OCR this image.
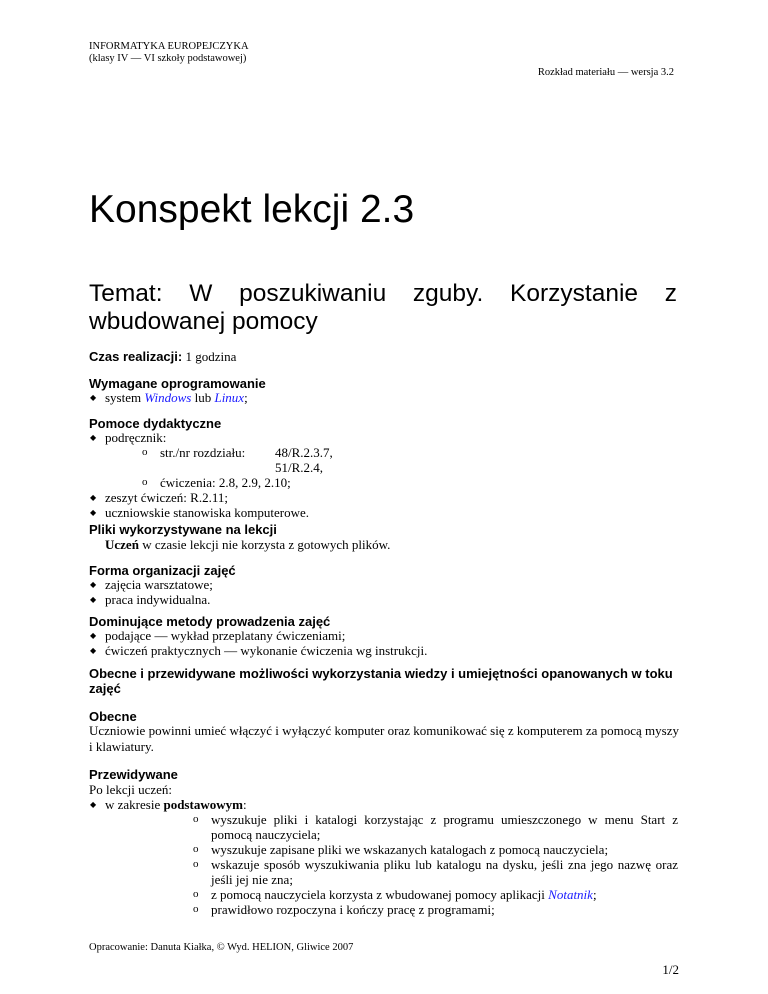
INFORMATYKA EUROPEJCZYKA
(klasy IV — VI szkoły podstawowej)
Rozkład materiału — wersja 3.2
Konspekt lekcji 2.3
Temat: W poszukiwaniu zguby. Korzystanie z wbudowanej pomocy
Czas realizacji: 1 godzina
Wymagane oprogramowanie
◆ system Windows lub Linux;
Pomoce dydaktyczne
◆ podręcznik:
o str./nr rozdziału: 48/R.2.3.7,
51/R.2.4,
o ćwiczenia: 2.8, 2.9, 2.10;
◆ zeszyt ćwiczeń: R.2.11;
◆ uczniowskie stanowiska komputerowe.
Pliki wykorzystywane na lekcji
Uczeń w czasie lekcji nie korzysta z gotowych plików.
Forma organizacji zajęć
◆ zajęcia warsztatowe;
◆ praca indywidualna.
Dominujące metody prowadzenia zajęć
◆ podające — wykład przeplatany ćwiczeniami;
◆ ćwiczeń praktycznych — wykonanie ćwiczenia wg instrukcji.
Obecne i przewidywane możliwości wykorzystania wiedzy i umiejętności opanowanych w toku zajęć
Obecne
Uczniowie powinni umieć włączyć i wyłączyć komputer oraz komunikować się z komputerem za pomocą myszy i klawiatury.
Przewidywane
Po lekcji uczeń:
◆ w zakresie podstawowym:
o wyszukuje pliki i katalogi korzystając z programu umieszczonego w menu Start z pomocą nauczyciela;
o wyszukuje zapisane pliki we wskazanych katalogach z pomocą nauczyciela;
o wskazuje sposób wyszukiwania pliku lub katalogu na dysku, jeśli zna jego nazwę oraz jeśli jej nie zna;
o z pomocą nauczyciela korzysta z wbudowanej pomocy aplikacji Notatnik;
o prawidłowo rozpoczyna i kończy pracę z programami;
Opracowanie: Danuta Kiałka, © Wyd. HELION, Gliwice 2007
1/2
